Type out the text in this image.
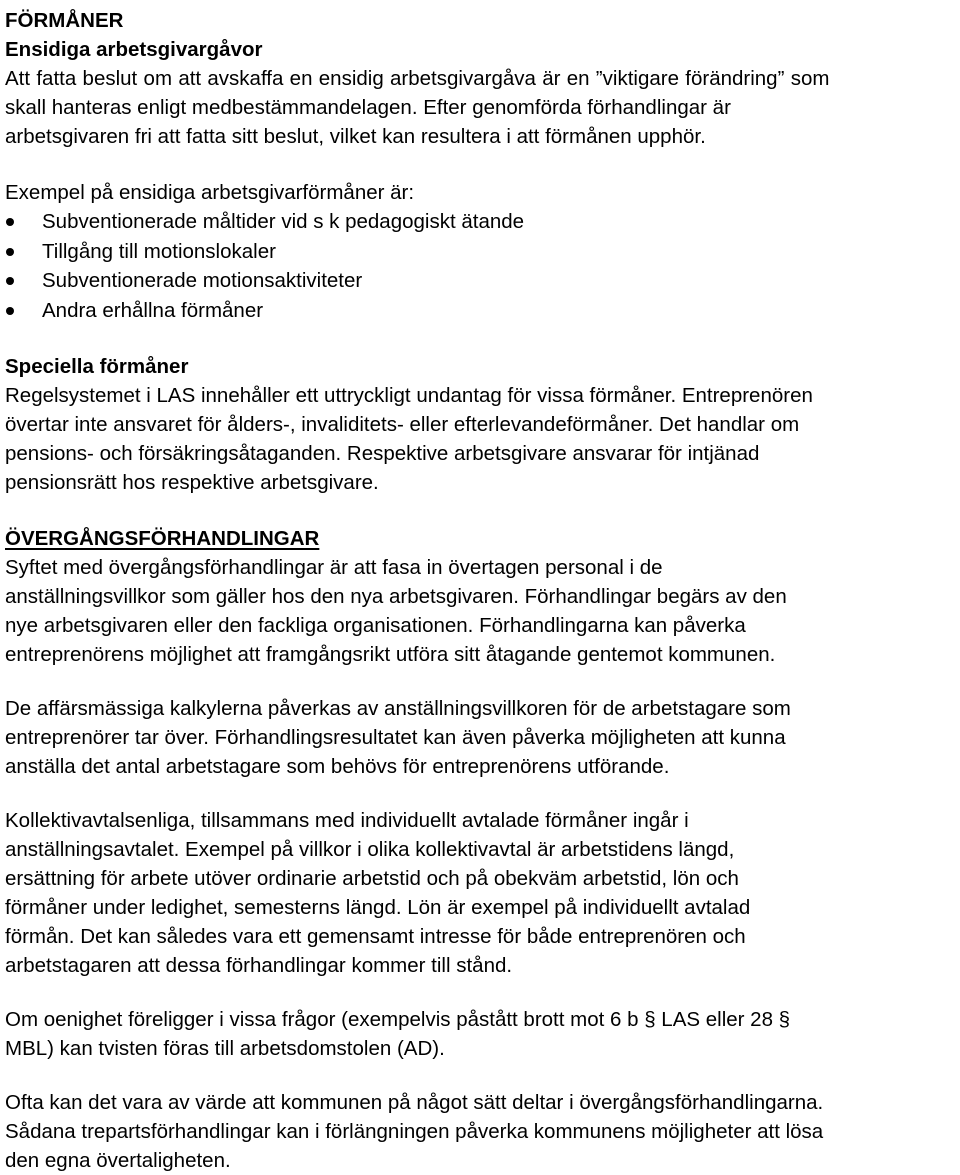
FÖRMÅNER

Ensidiga arbetsgivargåvor

Att fatta beslut om att avskaffa en ensidig arbetsgivargåva är en ”viktigare förändring” som

skall hanteras enligt medbestämmandelagen. Efter genomförda förhandlingar är

arbetsgivaren fri att fatta sitt beslut, vilket kan resultera i att förmånen upphör.

Exempel på ensidiga arbetsgivarförmåner är:

Subventionerade måltider vid s k pedagogiskt ätande
Tillgång till motionslokaler
Subventionerade motionsaktiviteter
Andra erhållna förmåner

Speciella förmåner

Regelsystemet i LAS innehåller ett uttryckligt undantag för vissa förmåner. Entreprenören

övertar inte ansvaret för ålders-, invaliditets- eller efterlevandeförmåner. Det handlar om

pensions- och försäkringsåtaganden. Respektive arbetsgivare ansvarar för intjänad

pensionsrätt hos respektive arbetsgivare.

ÖVERGÅNGSFÖRHANDLINGAR

Syftet med övergångsförhandlingar är att fasa in övertagen personal i de

anställningsvillkor som gäller hos den nya arbetsgivaren. Förhandlingar begärs av den

nye arbetsgivaren eller den fackliga organisationen. Förhandlingarna kan påverka

entreprenörens möjlighet att framgångsrikt utföra sitt åtagande gentemot kommunen.

De affärsmässiga kalkylerna påverkas av anställningsvillkoren för de arbetstagare som

entreprenörer tar över. Förhandlingsresultatet kan även påverka möjligheten att kunna

anställa det antal arbetstagare som behövs för entreprenörens utförande.

Kollektivavtalsenliga, tillsammans med individuellt avtalade förmåner ingår i

anställningsavtalet. Exempel på villkor i olika kollektivavtal är arbetstidens längd,

ersättning för arbete utöver ordinarie arbetstid och på obekväm arbetstid, lön och

förmåner under ledighet, semesterns längd. Lön är exempel på individuellt avtalad

förmån. Det kan således vara ett gemensamt intresse för både entreprenören och

arbetstagaren att dessa förhandlingar kommer till stånd.

Om oenighet föreligger i vissa frågor (exempelvis påstått brott mot 6 b § LAS eller 28 §

MBL) kan tvisten föras till arbetsdomstolen (AD).

Ofta kan det vara av värde att kommunen på något sätt deltar i övergångsförhandlingarna.

Sådana trepartsförhandlingar kan i förlängningen påverka kommunens möjligheter att lösa

den egna övertaligheten.
